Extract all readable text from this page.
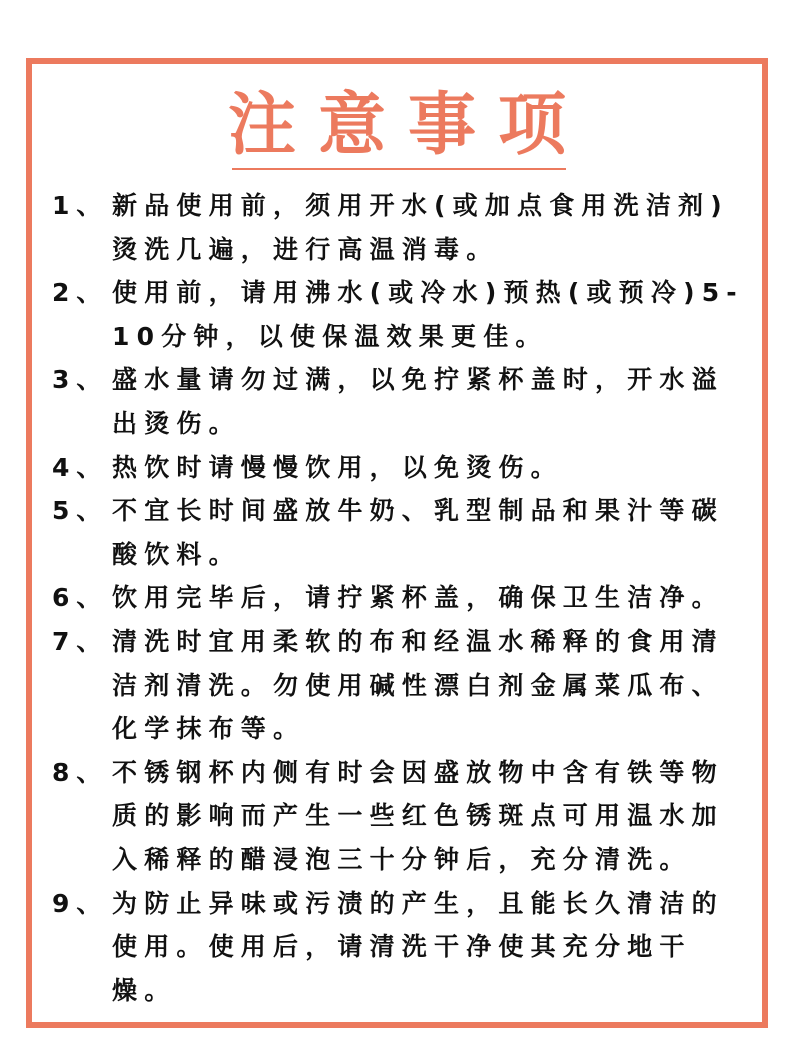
注意事项
1、 新品使用前，须用开水(或加点食用洗洁剂)烫洗几遍，进行高温消毒。
2、 使用前，请用沸水(或冷水)预热(或预冷)5-10分钟，以使保温效果更佳。
3、 盛水量请勿过满，以免拧紧杯盖时，开水溢出烫伤。
4、 热饮时请慢慢饮用，以免烫伤。
5、 不宜长时间盛放牛奶、乳型制品和果汁等碳酸饮料。
6、 饮用完毕后，请拧紧杯盖，确保卫生洁净。
7、 清洗时宜用柔软的布和经温水稀释的食用清洁剂清洗。勿使用碱性漂白剂金属菜瓜布、化学抹布等。
8、 不锈钢杯内侧有时会因盛放物中含有铁等物质的影响而产生一些红色锈斑点可用温水加入稀释的醋浸泡三十分钟后，充分清洗。
9、 为防止异味或污渍的产生，且能长久清洁的使用。使用后，请清洗干净使其充分地干燥。
